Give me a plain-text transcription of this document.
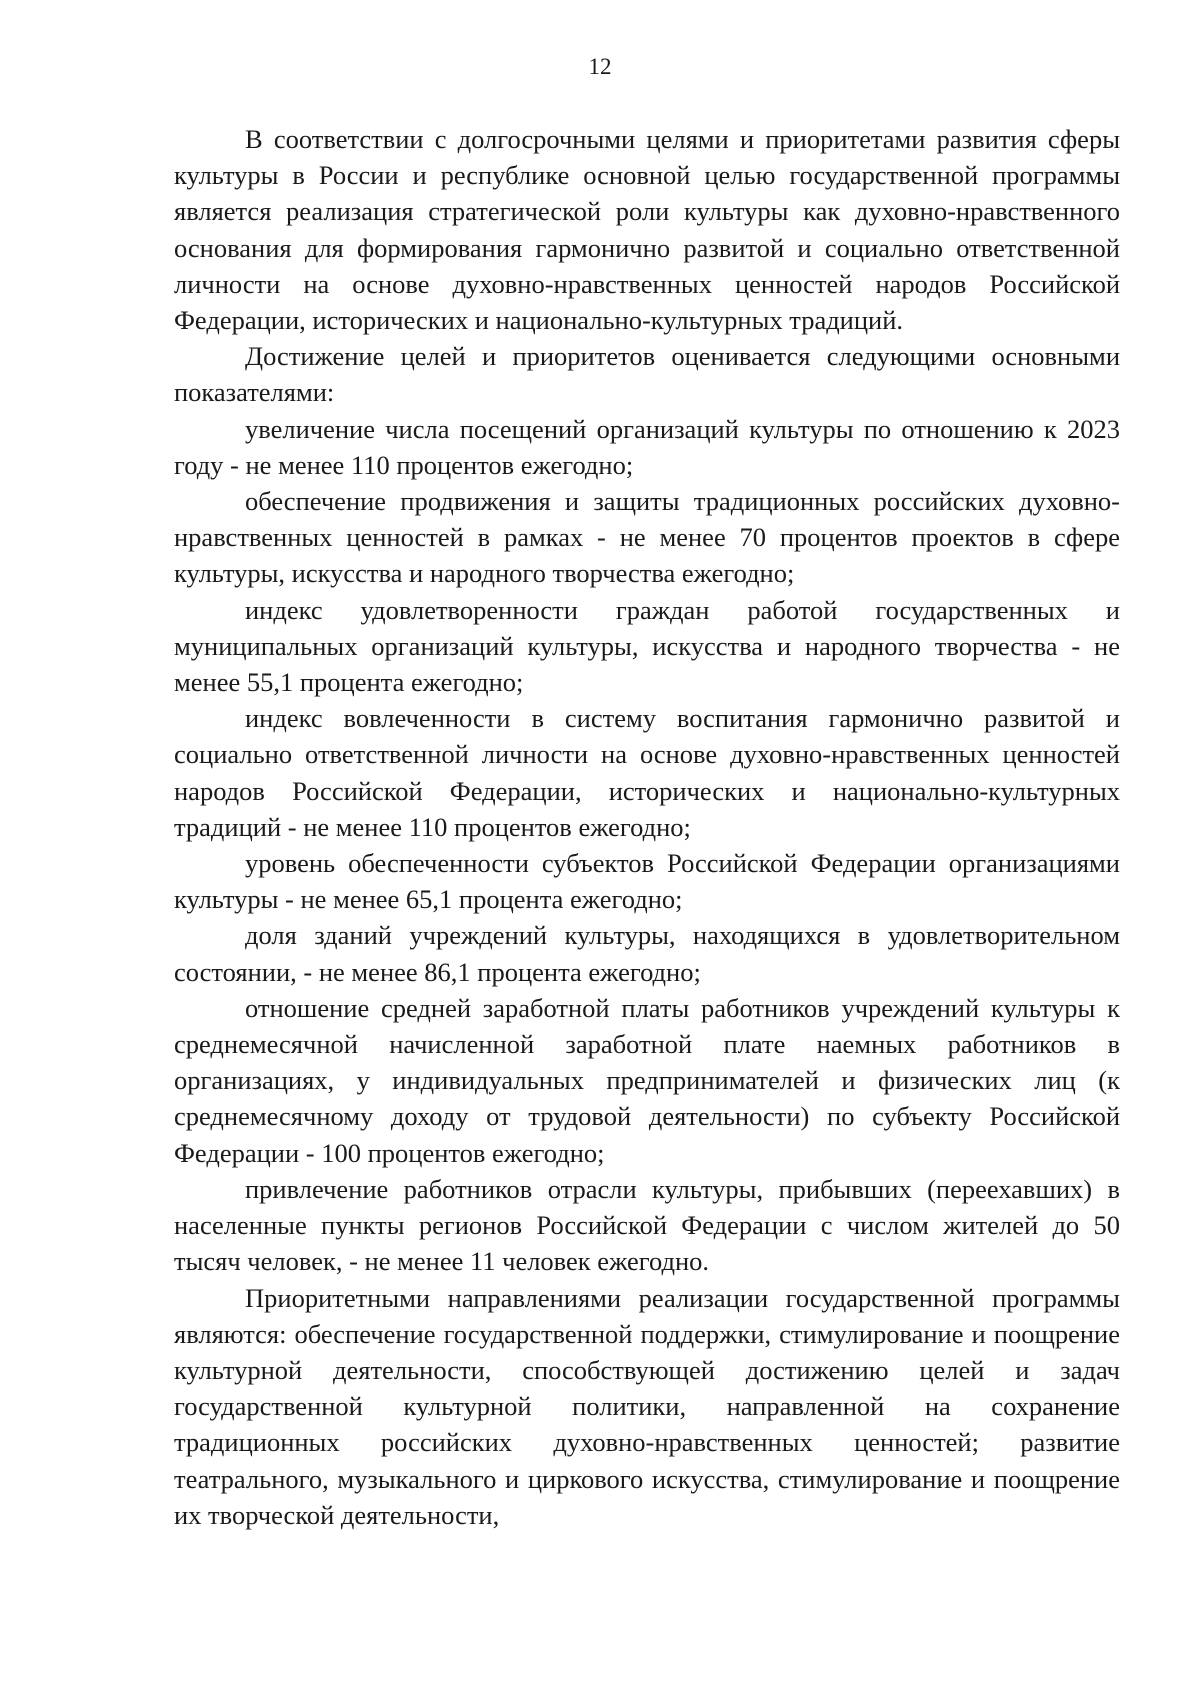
12

В соответствии с долгосрочными целями и приоритетами развития сферы культуры в России и республике основной целью государственной программы является реализация стратегической роли культуры как духовно-нравственного основания для формирования гармонично развитой и социально ответственной личности на основе духовно-нравственных ценностей народов Российской Федерации, исторических и национально-культурных традиций.

Достижение целей и приоритетов оценивается следующими основными показателями:

увеличение числа посещений организаций культуры по отношению к 2023 году - не менее 110 процентов ежегодно;

обеспечение продвижения и защиты традиционных российских духовно-нравственных ценностей в рамках - не менее 70 процентов проектов в сфере культуры, искусства и народного творчества ежегодно;

индекс удовлетворенности граждан работой государственных и муниципальных организаций культуры, искусства и народного творчества - не менее 55,1 процента ежегодно;

индекс вовлеченности в систему воспитания гармонично развитой и социально ответственной личности на основе духовно-нравственных ценностей народов Российской Федерации, исторических и национально-культурных традиций - не менее 110 процентов ежегодно;

уровень обеспеченности субъектов Российской Федерации организациями культуры - не менее 65,1 процента ежегодно;

доля зданий учреждений культуры, находящихся в удовлетворительном состоянии, - не менее 86,1 процента ежегодно;

отношение средней заработной платы работников учреждений культуры к среднемесячной начисленной заработной плате наемных работников в организациях, у индивидуальных предпринимателей и физических лиц (к среднемесячному доходу от трудовой деятельности) по субъекту Российской Федерации - 100 процентов ежегодно;

привлечение работников отрасли культуры, прибывших (переехавших) в населенные пункты регионов Российской Федерации с числом жителей до 50 тысяч человек, - не менее 11 человек ежегодно.

Приоритетными направлениями реализации государственной программы являются: обеспечение государственной поддержки, стимулирование и поощрение культурной деятельности, способствующей достижению целей и задач государственной культурной политики, направленной на сохранение традиционных российских духовно-нравственных ценностей; развитие театрального, музыкального и циркового искусства, стимулирование и поощрение их творческой деятельности,
